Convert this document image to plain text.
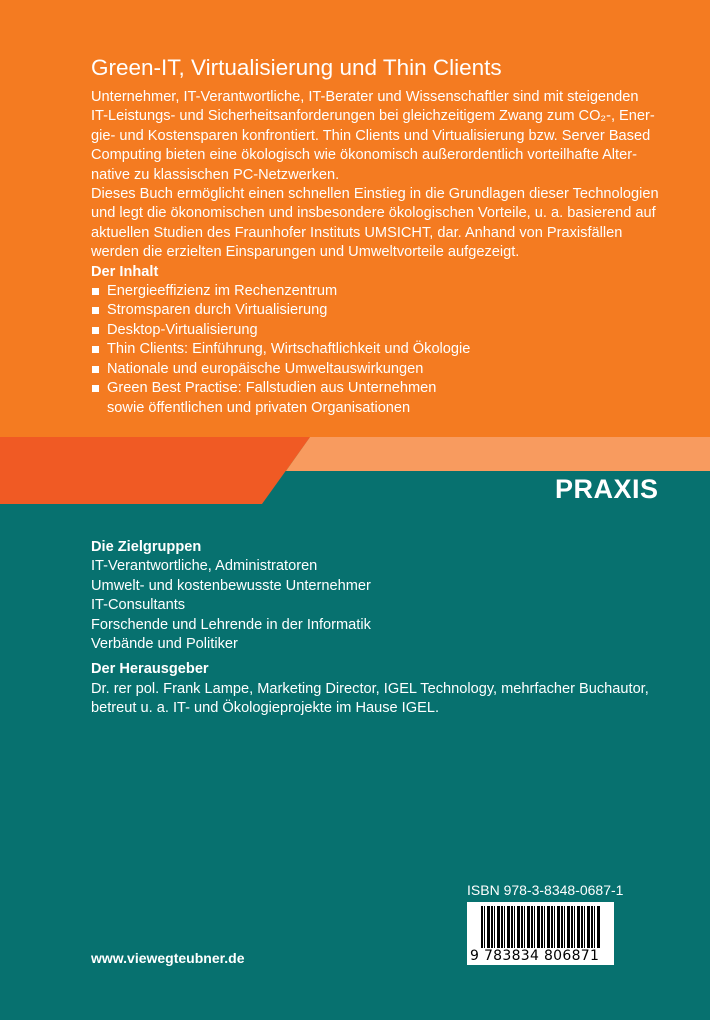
PRAXIS
Green-IT, Virtualisierung und Thin Clients

Unternehmer, IT-Verantwortliche, IT-Berater und Wissenschaftler sind mit steigenden

IT-Leistungs- und Sicherheitsanforderungen bei gleichzeitigem Zwang zum CO₂-, Ener-

gie- und Kostensparen konfrontiert. Thin Clients und Virtualisierung bzw. Server Based

Computing bieten eine ökologisch wie ökonomisch außerordentlich vorteilhafte Alter-

native zu klassischen PC-Netzwerken.

Dieses Buch ermöglicht einen schnellen Einstieg in die Grundlagen dieser Technologien

und legt die ökonomischen und insbesondere ökologischen Vorteile, u. a. basierend auf

aktuellen Studien des Fraunhofer Instituts UMSICHT, dar. Anhand von Praxisfällen

werden die erzielten Einsparungen und Umweltvorteile aufgezeigt.

Der Inhalt

Energieeffizienz im Rechenzentrum
Stromsparen durch Virtualisierung
Desktop-Virtualisierung
Thin Clients: Einführung, Wirtschaftlichkeit und Ökologie
Nationale und europäische Umweltauswirkungen
Green Best Practise: Fallstudien aus Unternehmen sowie öffentlichen und privaten Organisationen
Die Zielgruppen
IT-Verantwortliche, Administratoren
Umwelt- und kostenbewusste Unternehmer
IT-Consultants
Forschende und Lehrende in der Informatik
Verbände und Politiker
Der Herausgeber
Dr. rer pol. Frank Lampe, Marketing Director, IGEL Technology, mehrfacher Buchautor,
betreut u. a. IT- und Ökologieprojekte im Hause IGEL.
www.viewegteubner.de
ISBN 978-3-8348-0687-1
9 783834 806871
